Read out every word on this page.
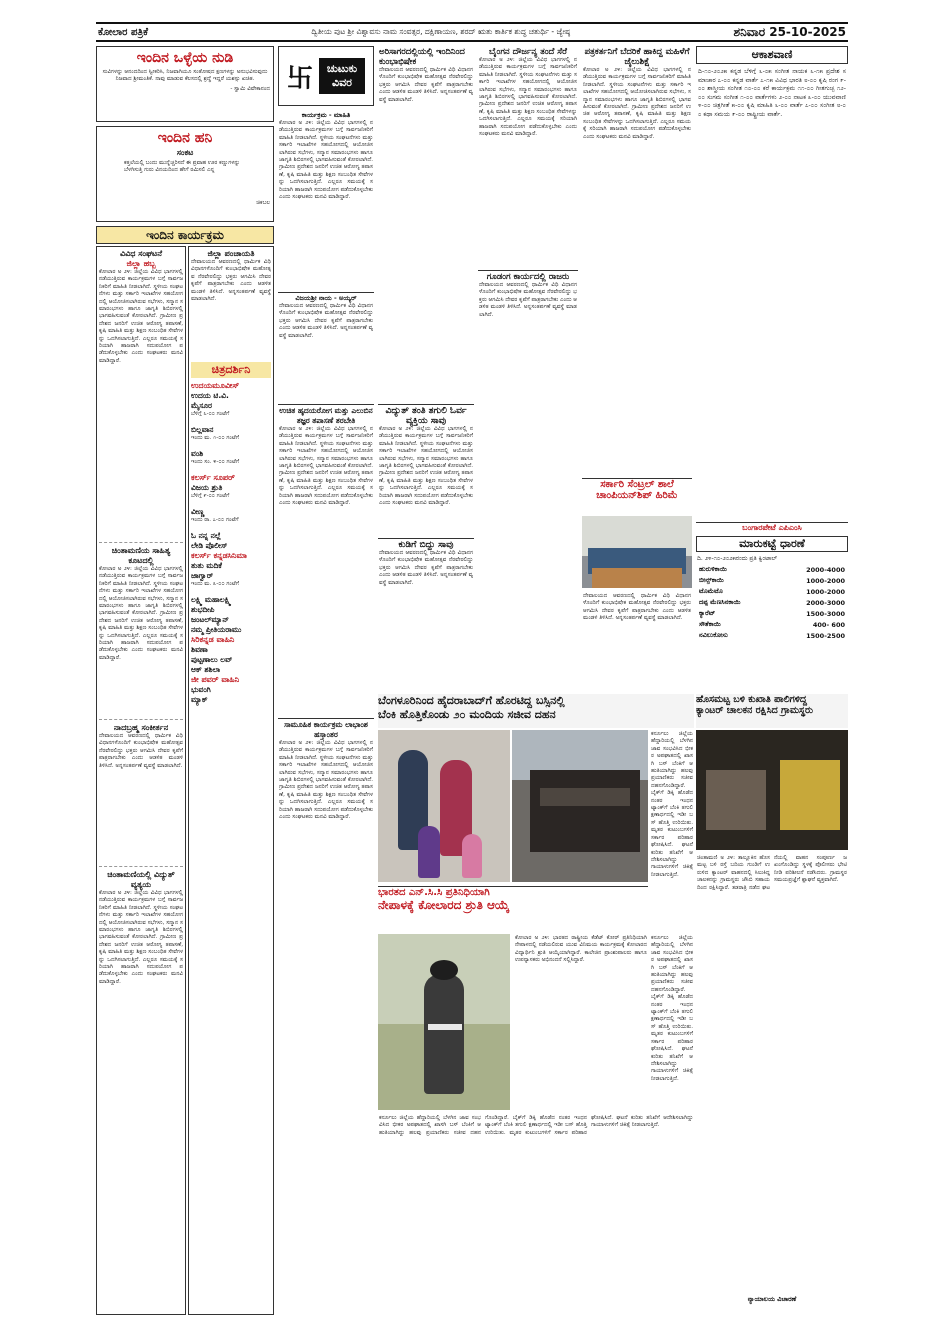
ಕೋಲಾರ ಪತ್ರಿಕೆ	ದ್ವಿತೀಯ ಪುಟ ಶ್ರೀ ವಿಶ್ವಾವಸು ನಾಮ ಸಂವತ್ಸರ, ದಕ್ಷಿಣಾಯಣ, ಶರದ್ ಋತು ಕಾರ್ತಿಕ ಶುದ್ಧ ಚತುರ್ಥಿ - ಜ್ಯೇಷ್ಠ	ಶನಿವಾರ 25-10-2025
ಇಂದಿನ ಒಳ್ಳೆಯ ನುಡಿ
ಸುವಿಗಳನ್ನು ಆನಂದದಿಂದ ಸ್ವೀಕರಿಸಿ, ನಿಜವಾಗಿಯೂ ಸಂತೋಷದ ಕ್ಷಣಗಳನ್ನು ಅನುಭವಿಸುವುದು ನಿಜವಾದ ಶ್ರೀಮಂತಿಕೆ. ನಾವು ಮಾಡುವ ಕೆಲಸದಲ್ಲಿ ಶ್ರದ್ಧೆ ಇದ್ದರೆ ಯಶಸ್ಸು ಖಚಿತ.
- ಸ್ವಾಮಿ ವಿವೇಕಾನಂದ
ಇಂದಿನ ಹನಿ
ಸಂಕಟ
ಕತ್ತಲೆಯಲ್ಲಿ ಬಂದು ಮುನ್ನೆಚ್ಚರಿಸದೆ ಈ ಪ್ರವಾಹ ಊರ ಕಣ್ಣುಗಳನ್ನು ಬೆಳಗಿಸುತ್ತಿ ಗುರು ವಿನಯದಿಂದ ಹೇಗೆ ರಮಿಸಲಿ ಎನ್ನ
ಚಿಕಬಲ
ಇಂದಿನ ಕಾರ್ಯಕ್ರಮ
ವಿವಿಧ ಸಂಘಟನೆ
ಜಿಲ್ಲಾ ಹಬ್ಬ
ಕೋಲಾರ ಅ ೨೪: ಜಿಲ್ಲೆಯ ವಿವಿಧ ಭಾಗಗಳಲ್ಲಿ ನಡೆಯುತ್ತಿರುವ ಕಾರ್ಯಕ್ರಮಗಳ ಬಗ್ಗೆ ಸಾರ್ವಜನಿಕರಿಗೆ ಮಾಹಿತಿ ನೀಡಲಾಗಿದೆ. ಸ್ಥಳೀಯ ಸಂಘಟನೆಗಳು ಮತ್ತು ಸರ್ಕಾರಿ ಇಲಾಖೆಗಳ ಸಹಯೋಗದಲ್ಲಿ ಆಯೋಜಿಸಲಾಗಿರುವ ಸಭೆಗಳು, ಸನ್ಮಾನ ಸಮಾರಂಭಗಳು ಹಾಗೂ ಜಾಗೃತಿ ಶಿಬಿರಗಳಲ್ಲಿ ಭಾಗವಹಿಸುವಂತೆ ಕೋರಲಾಗಿದೆ. ಗ್ರಾಮೀಣ ಪ್ರದೇಶದ ಜನರಿಗೆ ಉಚಿತ ಆರೋಗ್ಯ ತಪಾಸಣೆ, ಕೃಷಿ ಮಾಹಿತಿ ಮತ್ತು ಶಿಕ್ಷಣ ಸಂಬಂಧಿತ ಸೇವೆಗಳನ್ನು ಒದಗಿಸಲಾಗುತ್ತಿದೆ. ಎಲ್ಲರೂ ಸಮಯಕ್ಕೆ ಸರಿಯಾಗಿ ಹಾಜರಾಗಿ ಸದುಪಯೋಗ ಪಡೆದುಕೊಳ್ಳಬೇಕು ಎಂದು ಸಂಘಟಕರು ಮನವಿ ಮಾಡಿದ್ದಾರೆ.
ಚಿಂತಾಮಣಿಯ ಸಾಹಿತ್ಯ ಕೂಟದಲ್ಲಿ
ಕೋಲಾರ ಅ ೨೪: ಜಿಲ್ಲೆಯ ವಿವಿಧ ಭಾಗಗಳಲ್ಲಿ ನಡೆಯುತ್ತಿರುವ ಕಾರ್ಯಕ್ರಮಗಳ ಬಗ್ಗೆ ಸಾರ್ವಜನಿಕರಿಗೆ ಮಾಹಿತಿ ನೀಡಲಾಗಿದೆ. ಸ್ಥಳೀಯ ಸಂಘಟನೆಗಳು ಮತ್ತು ಸರ್ಕಾರಿ ಇಲಾಖೆಗಳ ಸಹಯೋಗದಲ್ಲಿ ಆಯೋಜಿಸಲಾಗಿರುವ ಸಭೆಗಳು, ಸನ್ಮಾನ ಸಮಾರಂಭಗಳು ಹಾಗೂ ಜಾಗೃತಿ ಶಿಬಿರಗಳಲ್ಲಿ ಭಾಗವಹಿಸುವಂತೆ ಕೋರಲಾಗಿದೆ. ಗ್ರಾಮೀಣ ಪ್ರದೇಶದ ಜನರಿಗೆ ಉಚಿತ ಆರೋಗ್ಯ ತಪಾಸಣೆ, ಕೃಷಿ ಮಾಹಿತಿ ಮತ್ತು ಶಿಕ್ಷಣ ಸಂಬಂಧಿತ ಸೇವೆಗಳನ್ನು ಒದಗಿಸಲಾಗುತ್ತಿದೆ. ಎಲ್ಲರೂ ಸಮಯಕ್ಕೆ ಸರಿಯಾಗಿ ಹಾಜರಾಗಿ ಸದುಪಯೋಗ ಪಡೆದುಕೊಳ್ಳಬೇಕು ಎಂದು ಸಂಘಟಕರು ಮನವಿ ಮಾಡಿದ್ದಾರೆ.
ನಾದಬ್ರಹ್ಮ ಸಂಕೀರ್ತನ
ದೇವಾಲಯದ ಆವರಣದಲ್ಲಿ ಧಾರ್ಮಿಕ ವಿಧಿ ವಿಧಾನಗಳೊಂದಿಗೆ ಕುಂಭಾಭಿಷೇಕ ಮಹೋತ್ಸವ ನೆರವೇರಲಿದ್ದು ಭಕ್ತರು ಆಗಮಿಸಿ ದೇವರ ಕೃಪೆಗೆ ಪಾತ್ರರಾಗಬೇಕು ಎಂದು ಆಡಳಿತ ಮಂಡಳಿ ತಿಳಿಸಿದೆ. ಅನ್ನಸಂತರ್ಪಣೆ ವ್ಯವಸ್ಥೆ ಮಾಡಲಾಗಿದೆ.
ಚಿಂತಾಮಣಿಯಲ್ಲಿ ವಿದ್ಯುತ್ ವ್ಯತ್ಯಯ
ಕೋಲಾರ ಅ ೨೪: ಜಿಲ್ಲೆಯ ವಿವಿಧ ಭಾಗಗಳಲ್ಲಿ ನಡೆಯುತ್ತಿರುವ ಕಾರ್ಯಕ್ರಮಗಳ ಬಗ್ಗೆ ಸಾರ್ವಜನಿಕರಿಗೆ ಮಾಹಿತಿ ನೀಡಲಾಗಿದೆ. ಸ್ಥಳೀಯ ಸಂಘಟನೆಗಳು ಮತ್ತು ಸರ್ಕಾರಿ ಇಲಾಖೆಗಳ ಸಹಯೋಗದಲ್ಲಿ ಆಯೋಜಿಸಲಾಗಿರುವ ಸಭೆಗಳು, ಸನ್ಮಾನ ಸಮಾರಂಭಗಳು ಹಾಗೂ ಜಾಗೃತಿ ಶಿಬಿರಗಳಲ್ಲಿ ಭಾಗವಹಿಸುವಂತೆ ಕೋರಲಾಗಿದೆ. ಗ್ರಾಮೀಣ ಪ್ರದೇಶದ ಜನರಿಗೆ ಉಚಿತ ಆರೋಗ್ಯ ತಪಾಸಣೆ, ಕೃಷಿ ಮಾಹಿತಿ ಮತ್ತು ಶಿಕ್ಷಣ ಸಂಬಂಧಿತ ಸೇವೆಗಳನ್ನು ಒದಗಿಸಲಾಗುತ್ತಿದೆ. ಎಲ್ಲರೂ ಸಮಯಕ್ಕೆ ಸರಿಯಾಗಿ ಹಾಜರಾಗಿ ಸದುಪಯೋಗ ಪಡೆದುಕೊಳ್ಳಬೇಕು ಎಂದು ಸಂಘಟಕರು ಮನವಿ ಮಾಡಿದ್ದಾರೆ.
ಜಿಲ್ಲಾ ಪಂಚಾಯತಿ
ದೇವಾಲಯದ ಆವರಣದಲ್ಲಿ ಧಾರ್ಮಿಕ ವಿಧಿ ವಿಧಾನಗಳೊಂದಿಗೆ ಕುಂಭಾಭಿಷೇಕ ಮಹೋತ್ಸವ ನೆರವೇರಲಿದ್ದು ಭಕ್ತರು ಆಗಮಿಸಿ ದೇವರ ಕೃಪೆಗೆ ಪಾತ್ರರಾಗಬೇಕು ಎಂದು ಆಡಳಿತ ಮಂಡಳಿ ತಿಳಿಸಿದೆ. ಅನ್ನಸಂತರ್ಪಣೆ ವ್ಯವಸ್ಥೆ ಮಾಡಲಾಗಿದೆ.
ಚಿತ್ರದರ್ಶಿನಿ
ಉದಯಮೂವೀಸ್
ಉದಯ ಟಿ.ವಿ.
ಮೈಸೂರ
ಬೆಳಿಗ್ಗೆ ೬-೦೦ ಗಂಟೆಗೆ
ಬಿಲ್ಲವಾನ
ಇಂದು ಮ. ೧-೦೦ ಗಂಟೆಗೆ
ವಂಶಿ
ಇಂದು ಸಂ. ೪-೦೦ ಗಂಟೆಗೆ
ಕಲರ್ಸ್ ಸೂಪರ್
ವಿಜಯ ಶ್ರುತಿ
ಬೆಳಿಗ್ಗೆ ೯-೦೦ ಗಂಟೆಗೆ
ವೀಣ್ಣ
ಇಂದು ರಾ. ೭-೦೦ ಗಂಟೆಗೆ
ಓ ನನ್ನ ನಲ್ಲೆ
ಲೇಡಿ ಪೊಲೀಸ್
ಕಲರ್ಸ್ ಕನ್ನಡಸಿನಿಮಾ
ತುತು ಮದಿಕೆ
ಜಾಗ್ವಾರ್
ಇಂದು ಮ. ೩-೦೦ ಗಂಟೆಗೆ
ಲಕ್ಷ್ಮಿ ಮಹಾಲಕ್ಷ್ಮಿ
ಶುಭದೀಪಿ
ಜಂಟಲ್‌ಮ್ಯಾನ್
ನಮ್ಮ ಪ್ರೀತಿಯರಾಮು
ಸಿರಿಕನ್ನಡ ವಾಹಿನಿ
ಶಿವಣಾ
ಪುಟ್ಟಣಾಲು ಲವ್
ಆಕ್ ಶಶಿಲಾ
ಜೀ ಪವರ್ ವಾಹಿನಿ
ಭುವಂಗಿ
ಮ್ಯಾಕ್
卐	ಚುಟುಕು ವಿವರ
ಕಾರ್ಯಕ್ರಮ - ಮಾಹಿತಿ
ಕೋಲಾರ ಅ ೨೪: ಜಿಲ್ಲೆಯ ವಿವಿಧ ಭಾಗಗಳಲ್ಲಿ ನಡೆಯುತ್ತಿರುವ ಕಾರ್ಯಕ್ರಮಗಳ ಬಗ್ಗೆ ಸಾರ್ವಜನಿಕರಿಗೆ ಮಾಹಿತಿ ನೀಡಲಾಗಿದೆ. ಸ್ಥಳೀಯ ಸಂಘಟನೆಗಳು ಮತ್ತು ಸರ್ಕಾರಿ ಇಲಾಖೆಗಳ ಸಹಯೋಗದಲ್ಲಿ ಆಯೋಜಿಸಲಾಗಿರುವ ಸಭೆಗಳು, ಸನ್ಮಾನ ಸಮಾರಂಭಗಳು ಹಾಗೂ ಜಾಗೃತಿ ಶಿಬಿರಗಳಲ್ಲಿ ಭಾಗವಹಿಸುವಂತೆ ಕೋರಲಾಗಿದೆ. ಗ್ರಾಮೀಣ ಪ್ರದೇಶದ ಜನರಿಗೆ ಉಚಿತ ಆರೋಗ್ಯ ತಪಾಸಣೆ, ಕೃಷಿ ಮಾಹಿತಿ ಮತ್ತು ಶಿಕ್ಷಣ ಸಂಬಂಧಿತ ಸೇವೆಗಳನ್ನು ಒದಗಿಸಲಾಗುತ್ತಿದೆ. ಎಲ್ಲರೂ ಸಮಯಕ್ಕೆ ಸರಿಯಾಗಿ ಹಾಜರಾಗಿ ಸದುಪಯೋಗ ಪಡೆದುಕೊಳ್ಳಬೇಕು ಎಂದು ಸಂಘಟಕರು ಮನವಿ ಮಾಡಿದ್ದಾರೆ.
ವಿಜಯಶ್ರೀ ನಾಯ - ಅಯ್ಯರ್
ದೇವಾಲಯದ ಆವರಣದಲ್ಲಿ ಧಾರ್ಮಿಕ ವಿಧಿ ವಿಧಾನಗಳೊಂದಿಗೆ ಕುಂಭಾಭಿಷೇಕ ಮಹೋತ್ಸವ ನೆರವೇರಲಿದ್ದು ಭಕ್ತರು ಆಗಮಿಸಿ ದೇವರ ಕೃಪೆಗೆ ಪಾತ್ರರಾಗಬೇಕು ಎಂದು ಆಡಳಿತ ಮಂಡಳಿ ತಿಳಿಸಿದೆ. ಅನ್ನಸಂತರ್ಪಣೆ ವ್ಯವಸ್ಥೆ ಮಾಡಲಾಗಿದೆ.
ಉಚಿತ ಹೃದಯರೋಗ ಮತ್ತು ಎಲುಬಿನ ತಜ್ಞರ ತಪಾಸಣೆ ತರಬೇತಿ
ಕೋಲಾರ ಅ ೨೪: ಜಿಲ್ಲೆಯ ವಿವಿಧ ಭಾಗಗಳಲ್ಲಿ ನಡೆಯುತ್ತಿರುವ ಕಾರ್ಯಕ್ರಮಗಳ ಬಗ್ಗೆ ಸಾರ್ವಜನಿಕರಿಗೆ ಮಾಹಿತಿ ನೀಡಲಾಗಿದೆ. ಸ್ಥಳೀಯ ಸಂಘಟನೆಗಳು ಮತ್ತು ಸರ್ಕಾರಿ ಇಲಾಖೆಗಳ ಸಹಯೋಗದಲ್ಲಿ ಆಯೋಜಿಸಲಾಗಿರುವ ಸಭೆಗಳು, ಸನ್ಮಾನ ಸಮಾರಂಭಗಳು ಹಾಗೂ ಜಾಗೃತಿ ಶಿಬಿರಗಳಲ್ಲಿ ಭಾಗವಹಿಸುವಂತೆ ಕೋರಲಾಗಿದೆ. ಗ್ರಾಮೀಣ ಪ್ರದೇಶದ ಜನರಿಗೆ ಉಚಿತ ಆರೋಗ್ಯ ತಪಾಸಣೆ, ಕೃಷಿ ಮಾಹಿತಿ ಮತ್ತು ಶಿಕ್ಷಣ ಸಂಬಂಧಿತ ಸೇವೆಗಳನ್ನು ಒದಗಿಸಲಾಗುತ್ತಿದೆ. ಎಲ್ಲರೂ ಸಮಯಕ್ಕೆ ಸರಿಯಾಗಿ ಹಾಜರಾಗಿ ಸದುಪಯೋಗ ಪಡೆದುಕೊಳ್ಳಬೇಕು ಎಂದು ಸಂಘಟಕರು ಮನವಿ ಮಾಡಿದ್ದಾರೆ.
ಅರಿಸಾಗರದಲ್ಲಿಯಲ್ಲಿ ಇಂದಿನಿಂದ ಕುಂಭಾಭಿಷೇಕ
ದೇವಾಲಯದ ಆವರಣದಲ್ಲಿ ಧಾರ್ಮಿಕ ವಿಧಿ ವಿಧಾನಗಳೊಂದಿಗೆ ಕುಂಭಾಭಿಷೇಕ ಮಹೋತ್ಸವ ನೆರವೇರಲಿದ್ದು ಭಕ್ತರು ಆಗಮಿಸಿ ದೇವರ ಕೃಪೆಗೆ ಪಾತ್ರರಾಗಬೇಕು ಎಂದು ಆಡಳಿತ ಮಂಡಳಿ ತಿಳಿಸಿದೆ. ಅನ್ನಸಂತರ್ಪಣೆ ವ್ಯವಸ್ಥೆ ಮಾಡಲಾಗಿದೆ.
ವಿದ್ಯುತ್ ತಂತಿ ತಗುಲಿ ಓರ್ವ ವ್ಯಕ್ತಿಯ ಸಾವು
ಕೋಲಾರ ಅ ೨೪: ಜಿಲ್ಲೆಯ ವಿವಿಧ ಭಾಗಗಳಲ್ಲಿ ನಡೆಯುತ್ತಿರುವ ಕಾರ್ಯಕ್ರಮಗಳ ಬಗ್ಗೆ ಸಾರ್ವಜನಿಕರಿಗೆ ಮಾಹಿತಿ ನೀಡಲಾಗಿದೆ. ಸ್ಥಳೀಯ ಸಂಘಟನೆಗಳು ಮತ್ತು ಸರ್ಕಾರಿ ಇಲಾಖೆಗಳ ಸಹಯೋಗದಲ್ಲಿ ಆಯೋಜಿಸಲಾಗಿರುವ ಸಭೆಗಳು, ಸನ್ಮಾನ ಸಮಾರಂಭಗಳು ಹಾಗೂ ಜಾಗೃತಿ ಶಿಬಿರಗಳಲ್ಲಿ ಭಾಗವಹಿಸುವಂತೆ ಕೋರಲಾಗಿದೆ. ಗ್ರಾಮೀಣ ಪ್ರದೇಶದ ಜನರಿಗೆ ಉಚಿತ ಆರೋಗ್ಯ ತಪಾಸಣೆ, ಕೃಷಿ ಮಾಹಿತಿ ಮತ್ತು ಶಿಕ್ಷಣ ಸಂಬಂಧಿತ ಸೇವೆಗಳನ್ನು ಒದಗಿಸಲಾಗುತ್ತಿದೆ. ಎಲ್ಲರೂ ಸಮಯಕ್ಕೆ ಸರಿಯಾಗಿ ಹಾಜರಾಗಿ ಸದುಪಯೋಗ ಪಡೆದುಕೊಳ್ಳಬೇಕು ಎಂದು ಸಂಘಟಕರು ಮನವಿ ಮಾಡಿದ್ದಾರೆ.
ಕುಡಿಗೆ ಬಿದ್ದು ಸಾವು
ದೇವಾಲಯದ ಆವರಣದಲ್ಲಿ ಧಾರ್ಮಿಕ ವಿಧಿ ವಿಧಾನಗಳೊಂದಿಗೆ ಕುಂಭಾಭಿಷೇಕ ಮಹೋತ್ಸವ ನೆರವೇರಲಿದ್ದು ಭಕ್ತರು ಆಗಮಿಸಿ ದೇವರ ಕೃಪೆಗೆ ಪಾತ್ರರಾಗಬೇಕು ಎಂದು ಆಡಳಿತ ಮಂಡಳಿ ತಿಳಿಸಿದೆ. ಅನ್ನಸಂತರ್ಪಣೆ ವ್ಯವಸ್ಥೆ ಮಾಡಲಾಗಿದೆ.
ಬೈಂಗನ ದೌರ್ಜನ್ಯ ತಂದೆ ಸೆರೆ
ಕೋಲಾರ ಅ ೨೪: ಜಿಲ್ಲೆಯ ವಿವಿಧ ಭಾಗಗಳಲ್ಲಿ ನಡೆಯುತ್ತಿರುವ ಕಾರ್ಯಕ್ರಮಗಳ ಬಗ್ಗೆ ಸಾರ್ವಜನಿಕರಿಗೆ ಮಾಹಿತಿ ನೀಡಲಾಗಿದೆ. ಸ್ಥಳೀಯ ಸಂಘಟನೆಗಳು ಮತ್ತು ಸರ್ಕಾರಿ ಇಲಾಖೆಗಳ ಸಹಯೋಗದಲ್ಲಿ ಆಯೋಜಿಸಲಾಗಿರುವ ಸಭೆಗಳು, ಸನ್ಮಾನ ಸಮಾರಂಭಗಳು ಹಾಗೂ ಜಾಗೃತಿ ಶಿಬಿರಗಳಲ್ಲಿ ಭಾಗವಹಿಸುವಂತೆ ಕೋರಲಾಗಿದೆ. ಗ್ರಾಮೀಣ ಪ್ರದೇಶದ ಜನರಿಗೆ ಉಚಿತ ಆರೋಗ್ಯ ತಪಾಸಣೆ, ಕೃಷಿ ಮಾಹಿತಿ ಮತ್ತು ಶಿಕ್ಷಣ ಸಂಬಂಧಿತ ಸೇವೆಗಳನ್ನು ಒದಗಿಸಲಾಗುತ್ತಿದೆ. ಎಲ್ಲರೂ ಸಮಯಕ್ಕೆ ಸರಿಯಾಗಿ ಹಾಜರಾಗಿ ಸದುಪಯೋಗ ಪಡೆದುಕೊಳ್ಳಬೇಕು ಎಂದು ಸಂಘಟಕರು ಮನವಿ ಮಾಡಿದ್ದಾರೆ.
ಗೂಡಂಗ ಕಾರ್ಯದಲ್ಲಿ ರಾಜರು
ದೇವಾಲಯದ ಆವರಣದಲ್ಲಿ ಧಾರ್ಮಿಕ ವಿಧಿ ವಿಧಾನಗಳೊಂದಿಗೆ ಕುಂಭಾಭಿಷೇಕ ಮಹೋತ್ಸವ ನೆರವೇರಲಿದ್ದು ಭಕ್ತರು ಆಗಮಿಸಿ ದೇವರ ಕೃಪೆಗೆ ಪಾತ್ರರಾಗಬೇಕು ಎಂದು ಆಡಳಿತ ಮಂಡಳಿ ತಿಳಿಸಿದೆ. ಅನ್ನಸಂತರ್ಪಣೆ ವ್ಯವಸ್ಥೆ ಮಾಡಲಾಗಿದೆ.
ಪತ್ರಕರ್ತನಿಗೆ ಬೆದರಿಕೆ ಹಾಕಿದ್ದ ಮಹಿಳೆಗೆ ಜೈಲುಶಿಕ್ಷೆ
ಕೋಲಾರ ಅ ೨೪: ಜಿಲ್ಲೆಯ ವಿವಿಧ ಭಾಗಗಳಲ್ಲಿ ನಡೆಯುತ್ತಿರುವ ಕಾರ್ಯಕ್ರಮಗಳ ಬಗ್ಗೆ ಸಾರ್ವಜನಿಕರಿಗೆ ಮಾಹಿತಿ ನೀಡಲಾಗಿದೆ. ಸ್ಥಳೀಯ ಸಂಘಟನೆಗಳು ಮತ್ತು ಸರ್ಕಾರಿ ಇಲಾಖೆಗಳ ಸಹಯೋಗದಲ್ಲಿ ಆಯೋಜಿಸಲಾಗಿರುವ ಸಭೆಗಳು, ಸನ್ಮಾನ ಸಮಾರಂಭಗಳು ಹಾಗೂ ಜಾಗೃತಿ ಶಿಬಿರಗಳಲ್ಲಿ ಭಾಗವಹಿಸುವಂತೆ ಕೋರಲಾಗಿದೆ. ಗ್ರಾಮೀಣ ಪ್ರದೇಶದ ಜನರಿಗೆ ಉಚಿತ ಆರೋಗ್ಯ ತಪಾಸಣೆ, ಕೃಷಿ ಮಾಹಿತಿ ಮತ್ತು ಶಿಕ್ಷಣ ಸಂಬಂಧಿತ ಸೇವೆಗಳನ್ನು ಒದಗಿಸಲಾಗುತ್ತಿದೆ. ಎಲ್ಲರೂ ಸಮಯಕ್ಕೆ ಸರಿಯಾಗಿ ಹಾಜರಾಗಿ ಸದುಪಯೋಗ ಪಡೆದುಕೊಳ್ಳಬೇಕು ಎಂದು ಸಂಘಟಕರು ಮನವಿ ಮಾಡಿದ್ದಾರೆ.
ಸರ್ಕಾರಿ ಸೆಂಟ್ರಲ್ ಶಾಲೆ ಚಾಂಪಿಯನ್‌ಶಿಪ್ ಹಿರಿಮೆ
ದೇವಾಲಯದ ಆವರಣದಲ್ಲಿ ಧಾರ್ಮಿಕ ವಿಧಿ ವಿಧಾನಗಳೊಂದಿಗೆ ಕುಂಭಾಭಿಷೇಕ ಮಹೋತ್ಸವ ನೆರವೇರಲಿದ್ದು ಭಕ್ತರು ಆಗಮಿಸಿ ದೇವರ ಕೃಪೆಗೆ ಪಾತ್ರರಾಗಬೇಕು ಎಂದು ಆಡಳಿತ ಮಂಡಳಿ ತಿಳಿಸಿದೆ. ಅನ್ನಸಂತರ್ಪಣೆ ವ್ಯವಸ್ಥೆ ಮಾಡಲಾಗಿದೆ.
ಆಕಾಶವಾಣಿ
ದಿ-೧೦-೨೦೨೫ ಕನ್ನಡ ಬೆಳಿಗ್ಗೆ ೬-೦೫ ಸಂಗೀತ ನಾಯಕ ೬-೧೫ ಪ್ರದೇಶ ಸಮಾಚಾರ ೭-೦೦ ಕನ್ನಡ ವಾರ್ತೆ ೭-೧೫ ವಿವಿಧ ಭಾರತಿ ೮-೦೦ ಕೃಷಿ ರಂಗ ೯-೦೦ ಶಾಸ್ತ್ರೀಯ ಸಂಗೀತ ೧೦-೦೦ ಕರೆ ಕಾರ್ಯಕ್ರಮ ೧೧-೦೦ ಗೀತಗುಚ್ಛ ೧೨-೦೦ ಸುಗಮ ಸಂಗೀತ ೧-೦೦ ವಾರ್ತೆಗಳು ೨-೦೦ ನಾಟಕ ೩-೦೦ ಯುವವಾಣಿ ೪-೦೦ ಚಿತ್ರಗೀತೆ ೫-೦೦ ಕೃಷಿ ಮಾಹಿತಿ ೬-೦೦ ವಾರ್ತೆ ೭-೦೦ ಸಂಗೀತ ೮-೦೦ ಕಥಾ ಸಮಯ ೯-೦೦ ರಾಷ್ಟ್ರೀಯ ವಾರ್ತೆ.
ಬಂಗಾರಪೇಟೆ ಎಪಿಎಂಸಿ
ಮಾರುಕಟ್ಟೆ ಧಾರಣೆ
ದಿ. ೨೪-೧೦-೨೦೨೫ರಂದು ಪ್ರತಿ ಕ್ವಿಂಟಾಲ್
ಹುರುಳಿಕಾಯಿ	2000-4000
ಬೀನ್ಸ್‌ಕಾಯಿ	1000-2000
ಟೊಮೆಟೊ	1000-2000
ದಪ್ಪ ಮೆಣಸಿನಕಾಯಿ	2000-3000
ಕ್ಯಾರೆಟ್	1500-3000
ಸೌತೆಕಾಯಿ	400- 600
ನವಿಲುಕೋಸು	1500-2500
ಬೆಂಗಳೂರಿನಿಂದ ಹೈದರಾಬಾದ್‌ಗೆ ಹೊರಟಿದ್ದ ಬಸ್ಸಿನಲ್ಲಿ
ಬೆಂಕಿ ಹೊತ್ತಿಕೊಂಡು ೨೦ ಮಂದಿಯ ಸಜೀವ ದಹನ
ಭಾರತದ ಎನ್.ಸಿ.ಸಿ ಪ್ರತಿನಿಧಿಯಾಗಿ
ನೇಪಾಳಕ್ಕೆ ಕೋಲಾರದ ಶ್ರುತಿ ಆಯ್ಕೆ
ಕೋಲಾರ ಅ ೨೪: ಭಾರತದ ರಾಷ್ಟ್ರೀಯ ಕೆಡೆಟ್ ಕೋರ್ ಪ್ರತಿನಿಧಿಯಾಗಿ ನೇಪಾಳದಲ್ಲಿ ನಡೆಯಲಿರುವ ಯುವ ವಿನಿಮಯ ಕಾರ್ಯಕ್ರಮಕ್ಕೆ ಕೋಲಾರದ ವಿದ್ಯಾರ್ಥಿನಿ ಶ್ರುತಿ ಆಯ್ಕೆಯಾಗಿದ್ದಾರೆ. ಕಾಲೇಜಿನ ಪ್ರಾಂಶುಪಾಲರು ಹಾಗೂ ಉಪನ್ಯಾಸಕರು ಅಭಿನಂದನೆ ಸಲ್ಲಿಸಿದ್ದಾರೆ.
ಕರ್ನೂಲು ಜಿಲ್ಲೆಯ ಹೆದ್ದಾರಿಯಲ್ಲಿ ಬೆಳಗಿನ ಜಾವ ಸಂಭವಿಸಿದ ಭೀಕರ ಅಪಘಾತದಲ್ಲಿ ಖಾಸಗಿ ಬಸ್ ಬೆಂಕಿಗೆ ಆಹುತಿಯಾಗಿದ್ದು ಹಲವು ಪ್ರಯಾಣಿಕರು ಸಜೀವ ದಹನಗೊಂಡಿದ್ದಾರೆ. ಬೈಕ್‌ಗೆ ಡಿಕ್ಕಿ ಹೊಡೆದ ನಂತರ ಇಂಧನ ಟ್ಯಾಂಕ್‌ಗೆ ಬೆಂಕಿ ತಗುಲಿ ಕ್ಷಣಾರ್ಧದಲ್ಲಿ ಇಡೀ ಬಸ್ ಹೊತ್ತಿ ಉರಿಯಿತು. ಮೃತರ ಕುಟುಂಬಗಳಿಗೆ ಸರ್ಕಾರ ಪರಿಹಾರ ಘೋಷಿಸಿದೆ. ಘಟನೆ ಕುರಿತು ತನಿಖೆಗೆ ಆದೇಶಿಸಲಾಗಿದ್ದು ಗಾಯಾಳುಗಳಿಗೆ ಚಿಕಿತ್ಸೆ ನೀಡಲಾಗುತ್ತಿದೆ.
ಸಾಮೂಹಿಕ ಕಾರ್ಯಕ್ರಮ ಲಾಭಾಂಶ ಹಸ್ತಾಂತರ
ಕೋಲಾರ ಅ ೨೪: ಜಿಲ್ಲೆಯ ವಿವಿಧ ಭಾಗಗಳಲ್ಲಿ ನಡೆಯುತ್ತಿರುವ ಕಾರ್ಯಕ್ರಮಗಳ ಬಗ್ಗೆ ಸಾರ್ವಜನಿಕರಿಗೆ ಮಾಹಿತಿ ನೀಡಲಾಗಿದೆ. ಸ್ಥಳೀಯ ಸಂಘಟನೆಗಳು ಮತ್ತು ಸರ್ಕಾರಿ ಇಲಾಖೆಗಳ ಸಹಯೋಗದಲ್ಲಿ ಆಯೋಜಿಸಲಾಗಿರುವ ಸಭೆಗಳು, ಸನ್ಮಾನ ಸಮಾರಂಭಗಳು ಹಾಗೂ ಜಾಗೃತಿ ಶಿಬಿರಗಳಲ್ಲಿ ಭಾಗವಹಿಸುವಂತೆ ಕೋರಲಾಗಿದೆ. ಗ್ರಾಮೀಣ ಪ್ರದೇಶದ ಜನರಿಗೆ ಉಚಿತ ಆರೋಗ್ಯ ತಪಾಸಣೆ, ಕೃಷಿ ಮಾಹಿತಿ ಮತ್ತು ಶಿಕ್ಷಣ ಸಂಬಂಧಿತ ಸೇವೆಗಳನ್ನು ಒದಗಿಸಲಾಗುತ್ತಿದೆ. ಎಲ್ಲರೂ ಸಮಯಕ್ಕೆ ಸರಿಯಾಗಿ ಹಾಜರಾಗಿ ಸದುಪಯೋಗ ಪಡೆದುಕೊಳ್ಳಬೇಕು ಎಂದು ಸಂಘಟಕರು ಮನವಿ ಮಾಡಿದ್ದಾರೆ.
ಕರ್ನೂಲು ಜಿಲ್ಲೆಯ ಹೆದ್ದಾರಿಯಲ್ಲಿ ಬೆಳಗಿನ ಜಾವ ಸಂಭವಿಸಿದ ಭೀಕರ ಅಪಘಾತದಲ್ಲಿ ಖಾಸಗಿ ಬಸ್ ಬೆಂಕಿಗೆ ಆಹುತಿಯಾಗಿದ್ದು ಹಲವು ಪ್ರಯಾಣಿಕರು ಸಜೀವ ದಹನಗೊಂಡಿದ್ದಾರೆ. ಬೈಕ್‌ಗೆ ಡಿಕ್ಕಿ ಹೊಡೆದ ನಂತರ ಇಂಧನ ಟ್ಯಾಂಕ್‌ಗೆ ಬೆಂಕಿ ತಗುಲಿ ಕ್ಷಣಾರ್ಧದಲ್ಲಿ ಇಡೀ ಬಸ್ ಹೊತ್ತಿ ಉರಿಯಿತು. ಮೃತರ ಕುಟುಂಬಗಳಿಗೆ ಸರ್ಕಾರ ಪರಿಹಾರ ಘೋಷಿಸಿದೆ. ಘಟನೆ ಕುರಿತು ತನಿಖೆಗೆ ಆದೇಶಿಸಲಾಗಿದ್ದು ಗಾಯಾಳುಗಳಿಗೆ ಚಿಕಿತ್ಸೆ ನೀಡಲಾಗುತ್ತಿದೆ.
ಕರ್ನೂಲು ಜಿಲ್ಲೆಯ ಹೆದ್ದಾರಿಯಲ್ಲಿ ಬೆಳಗಿನ ಜಾವ ಸಂಭವಿಸಿದ ಭೀಕರ ಅಪಘಾತದಲ್ಲಿ ಖಾಸಗಿ ಬಸ್ ಬೆಂಕಿಗೆ ಆಹುತಿಯಾಗಿದ್ದು ಹಲವು ಪ್ರಯಾಣಿಕರು ಸಜೀವ ದಹನಗೊಂಡಿದ್ದಾರೆ. ಬೈಕ್‌ಗೆ ಡಿಕ್ಕಿ ಹೊಡೆದ ನಂತರ ಇಂಧನ ಟ್ಯಾಂಕ್‌ಗೆ ಬೆಂಕಿ ತಗುಲಿ ಕ್ಷಣಾರ್ಧದಲ್ಲಿ ಇಡೀ ಬಸ್ ಹೊತ್ತಿ ಉರಿಯಿತು. ಮೃತರ ಕುಟುಂಬಗಳಿಗೆ ಸರ್ಕಾರ ಪರಿಹಾರ ಘೋಷಿಸಿದೆ. ಘಟನೆ ಕುರಿತು ತನಿಖೆಗೆ ಆದೇಶಿಸಲಾಗಿದ್ದು ಗಾಯಾಳುಗಳಿಗೆ ಚಿಕಿತ್ಸೆ ನೀಡಲಾಗುತ್ತಿದೆ.
ಹೊಸಮಟ್ಟ ಬಳಿ ಕುಖಾತಿ ಪಾಲಿಗಳಿದ್ದ
ಕ್ಯಾಂಟರ್ ಚಾಲಕನ ರಕ್ಷಿಸಿದ ಗ್ರಾಮಸ್ಥರು
ಚಿಂತಾಮಣಿ ಅ ೨೪: ತಾಲ್ಲೂಕಿನ ಹೊಸಮಟ್ಟ ಬಳಿ ರಸ್ತೆ ಬದಿಯ ಗುಂಡಿಗೆ ಉರುಳಿದ ಕ್ಯಾಂಟರ್ ವಾಹನದಲ್ಲಿ ಸಿಲುಕಿದ್ದ ಚಾಲಕನನ್ನು ಗ್ರಾಮಸ್ಥರು ಜೆಸಿಬಿ ಸಹಾಯದಿಂದ ರಕ್ಷಿಸಿದ್ದಾರೆ. ತಡರಾತ್ರಿ ನಡೆದ ಘಟನೆಯಲ್ಲಿ ವಾಹನ ಸಂಪೂರ್ಣ ಜಖಂಗೊಂಡಿದ್ದು ಸ್ಥಳಕ್ಕೆ ಪೊಲೀಸರು ಭೇಟಿ ನೀಡಿ ಪರಿಶೀಲನೆ ನಡೆಸಿದರು. ಗ್ರಾಮಸ್ಥರ ಸಮಯಪ್ರಜ್ಞೆಗೆ ಶ್ಲಾಘನೆ ವ್ಯಕ್ತವಾಗಿದೆ.
ನ್ಯಾಯಾಲಯ ವಿಚಾರಣೆ
